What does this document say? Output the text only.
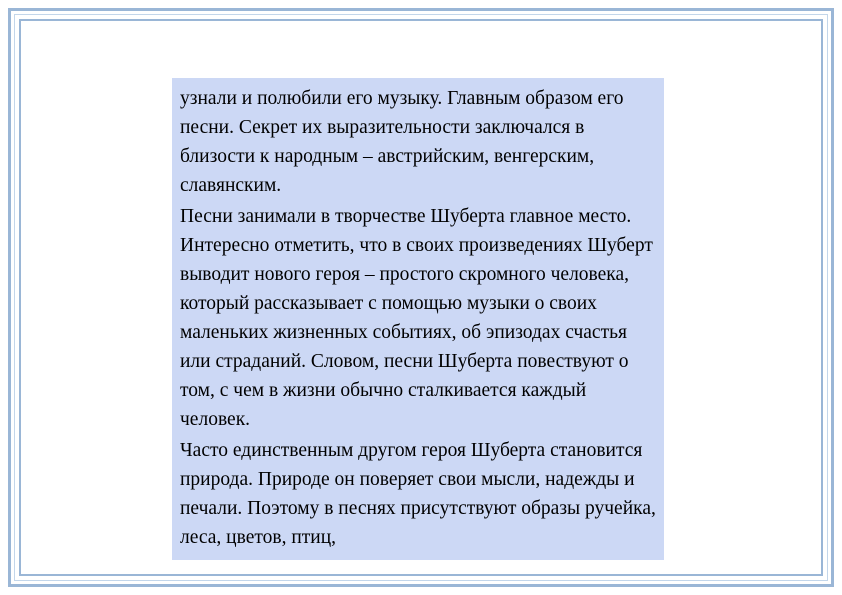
узнали и полюбили его музыку. Главным образом его песни. Секрет их выразительности заключался в близости к народным – австрийским, венгерским, славянским.

Песни занимали в творчестве Шуберта главное место. Интересно отметить, что в своих произведениях Шуберт выводит нового героя – простого скромного человека, который рассказывает с помощью музыки о своих маленьких жизненных событиях, об эпизодах счастья или страданий. Словом, песни Шуберта повествуют о том, с чем в жизни обычно сталкивается каждый человек.

Часто единственным другом героя Шуберта становится природа. Природе он поверяет свои мысли, надежды и печали. Поэтому в песнях присутствуют образы ручейка, леса, цветов, птиц,
